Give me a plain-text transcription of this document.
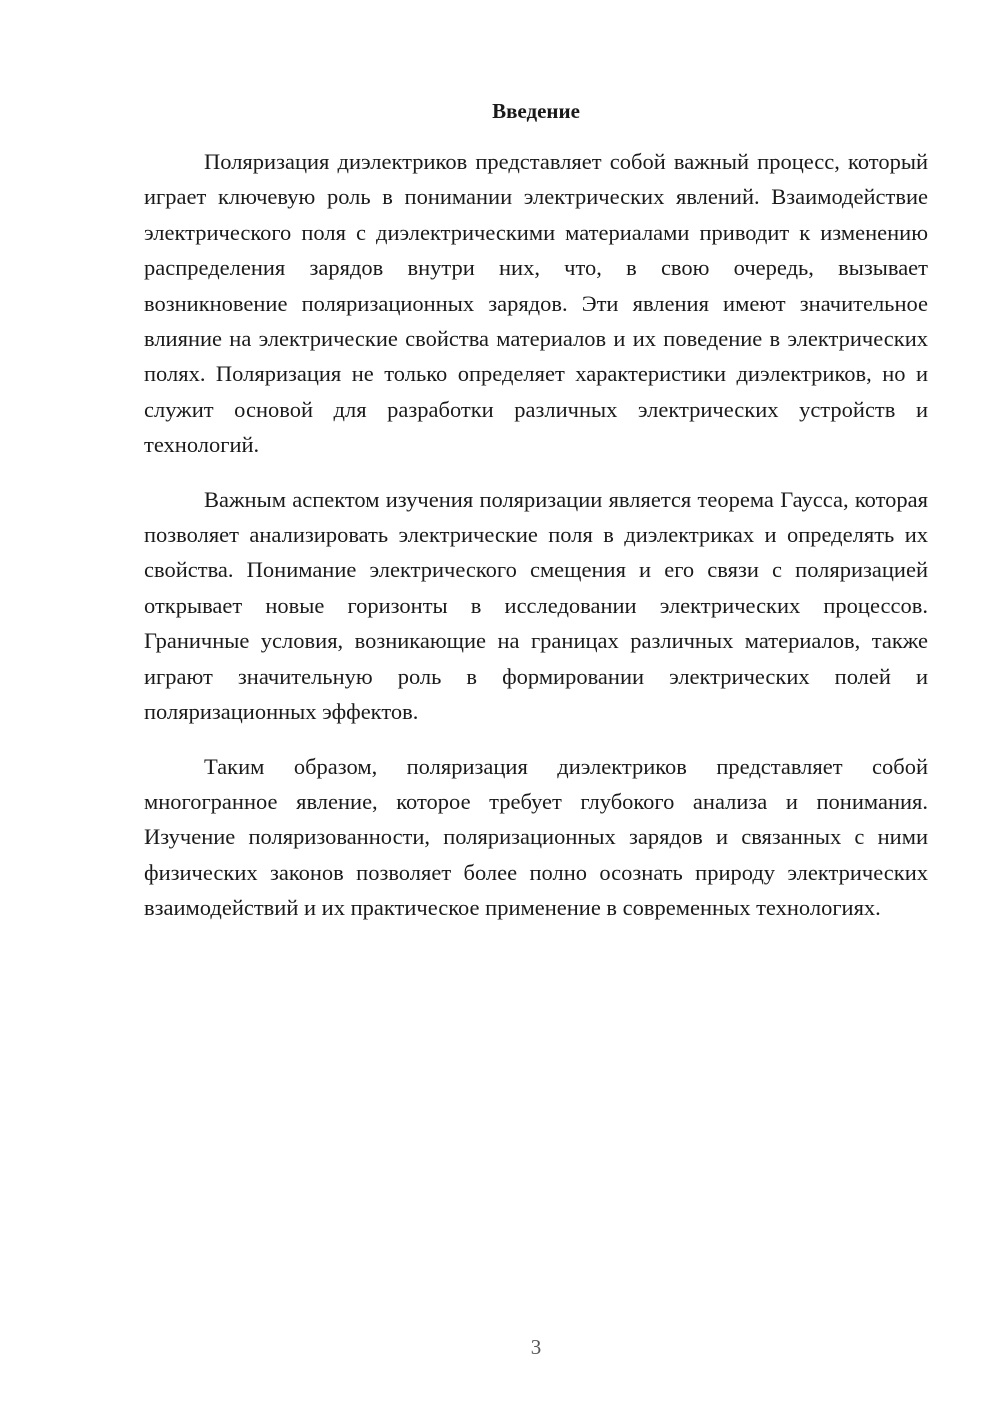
Введение

Поляризация диэлектриков представляет собой важный процесс, который играет ключевую роль в понимании электрических явлений. Взаимодействие электрического поля с диэлектрическими материалами приводит к изменению распределения зарядов внутри них, что, в свою очередь, вызывает возникновение поляризационных зарядов. Эти явления имеют значительное влияние на электрические свойства материалов и их поведение в электрических полях. Поляризация не только определяет характеристики диэлектриков, но и служит основой для разработки различных электрических устройств и технологий.

Важным аспектом изучения поляризации является теорема Гаусса, которая позволяет анализировать электрические поля в диэлектриках и определять их свойства. Понимание электрического смещения и его связи с поляризацией открывает новые горизонты в исследовании электрических процессов. Граничные условия, возникающие на границах различных материалов, также играют значительную роль в формировании электрических полей и поляризационных эффектов.

Таким образом, поляризация диэлектриков представляет собой многогранное явление, которое требует глубокого анализа и понимания. Изучение поляризованности, поляризационных зарядов и связанных с ними физических законов позволяет более полно осознать природу электрических взаимодействий и их практическое применение в современных технологиях.

3
